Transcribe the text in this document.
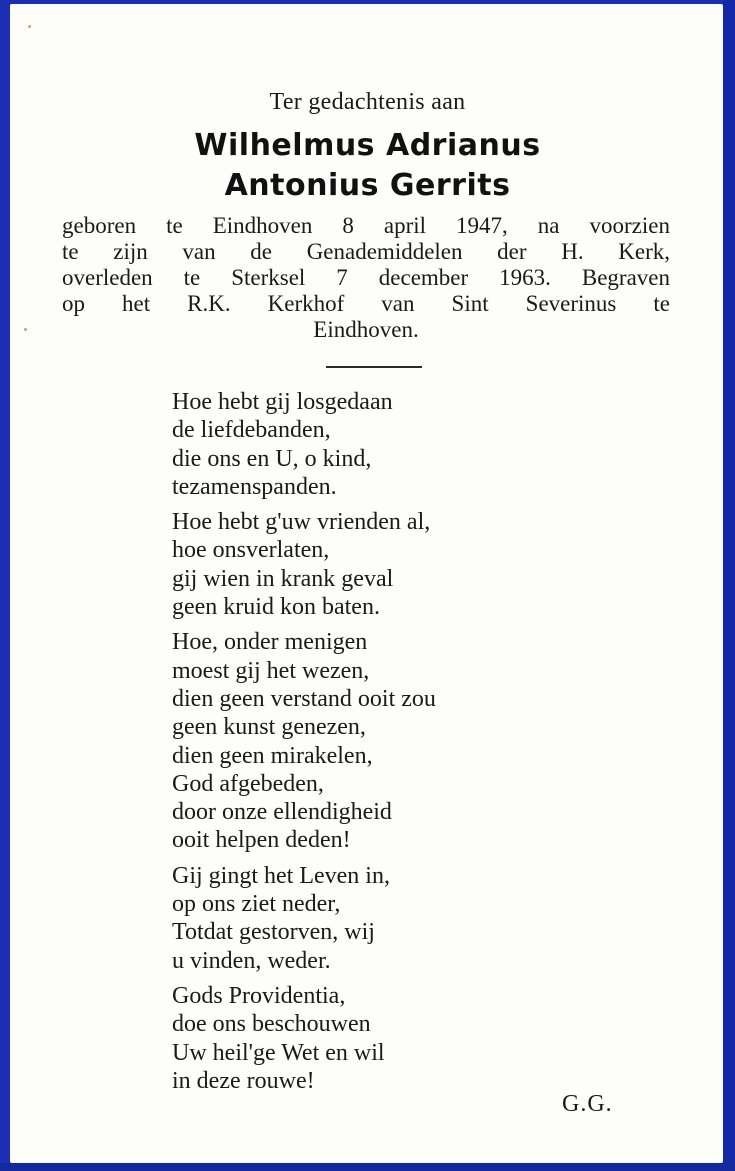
Ter gedachtenis aan
Wilhelmus Adrianus
Antonius Gerrits
geboren te Eindhoven 8 april 1947, na voorzien
te zijn van de Genademiddelen der H. Kerk,
overleden te Sterksel 7 december 1963. Begraven
op het R.K. Kerkhof van Sint Severinus te
Eindhoven.
Hoe hebt gij losgedaan
de liefdebanden,
die ons en U, o kind,
tezamenspanden.
Hoe hebt g'uw vrienden al,
hoe onsverlaten,
gij wien in krank geval
geen kruid kon baten.
Hoe, onder menigen
moest gij het wezen,
dien geen verstand ooit zou
geen kunst genezen,
dien geen mirakelen,
God afgebeden,
door onze ellendigheid
ooit helpen deden!
Gij gingt het Leven in,
op ons ziet neder,
Totdat gestorven, wij
u vinden, weder.
Gods Providentia,
doe ons beschouwen
Uw heil'ge Wet en wil
in deze rouwe!
G.G.
